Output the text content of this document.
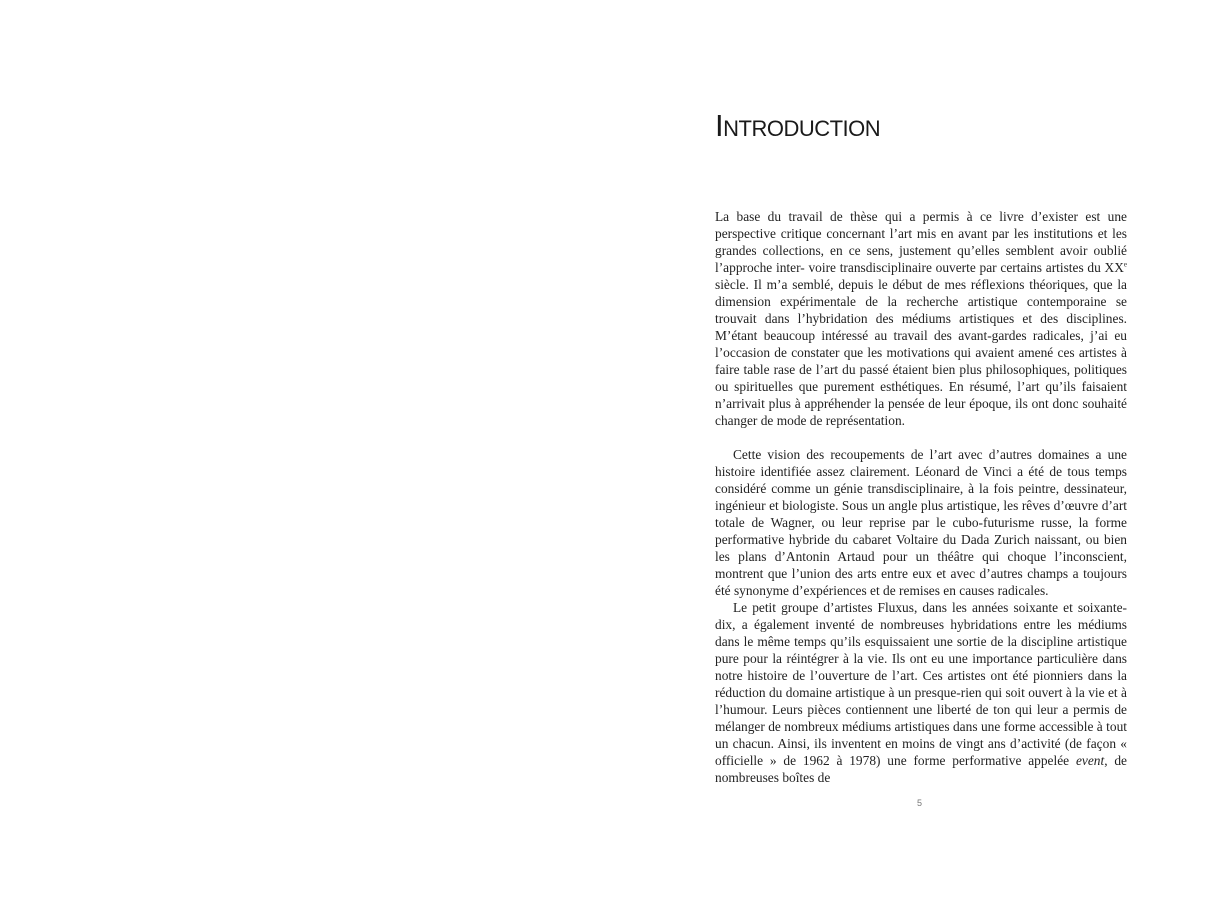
Introduction

La base du travail de thèse qui a permis à ce livre d’exister est une perspective critique concernant l’art mis en avant par les institutions et les grandes collections, en ce sens, justement qu’elles semblent avoir oublié l’approche inter- voire transdisciplinaire ouverte par certains artistes du XXe siècle. Il m’a semblé, depuis le début de mes réflexions théoriques, que la dimension expérimentale de la recherche artistique contemporaine se trouvait dans l’hybridation des médiums artistiques et des disciplines. M’étant beaucoup intéressé au travail des avant-gardes radicales, j’ai eu l’occasion de constater que les motivations qui avaient amené ces artistes à faire table rase de l’art du passé étaient bien plus philosophiques, politiques ou spirituelles que purement esthétiques. En résumé, l’art qu’ils faisaient n’arrivait plus à appréhender la pensée de leur époque, ils ont donc souhaité changer de mode de représentation.

Cette vision des recoupements de l’art avec d’autres domaines a une histoire identifiée assez clairement. Léonard de Vinci a été de tous temps considéré comme un génie transdisciplinaire, à la fois peintre, dessinateur, ingénieur et biologiste. Sous un angle plus artistique, les rêves d’œuvre d’art totale de Wagner, ou leur reprise par le cubo-futurisme russe, la forme performative hybride du cabaret Voltaire du Dada Zurich naissant, ou bien les plans d’Antonin Artaud pour un théâtre qui choque l’inconscient, montrent que l’union des arts entre eux et avec d’autres champs a toujours été synonyme d’expériences et de remises en causes radicales.

Le petit groupe d’artistes Fluxus, dans les années soixante et soixante-dix, a également inventé de nombreuses hybridations entre les médiums dans le même temps qu’ils esquissaient une sortie de la discipline artistique pure pour la réintégrer à la vie. Ils ont eu une importance particulière dans notre histoire de l’ouverture de l’art. Ces artistes ont été pionniers dans la réduction du domaine artistique à un presque-rien qui soit ouvert à la vie et à l’humour. Leurs pièces contiennent une liberté de ton qui leur a permis de mélanger de nombreux médiums artistiques dans une forme accessible à tout un chacun. Ainsi, ils inventent en moins de vingt ans d’activité (de façon « officielle » de 1962 à 1978) une forme performative appelée event, de nombreuses boîtes de

5
